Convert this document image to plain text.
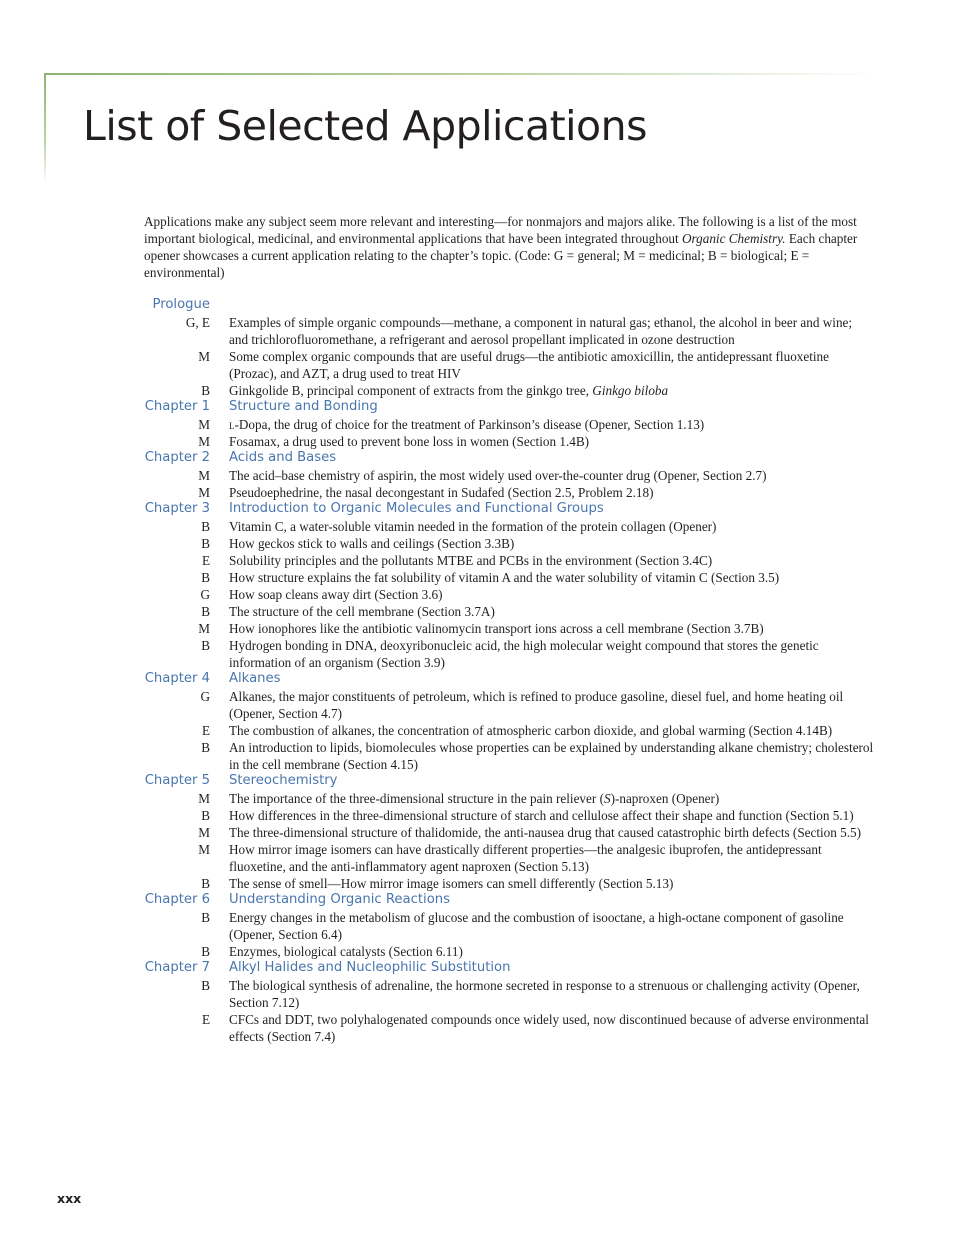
List of Selected Applications

Applications make any subject seem more relevant and interesting—for nonmajors and majors alike. The following is a list of the most important biological, medicinal, and environmental applications that have been integrated throughout Organic Chemistry. Each chapter opener showcases a current application relating to the chapter’s topic. (Code: G = general; M = medicinal; B = biological; E = environmental)

Prologue
G, E Examples of simple organic compounds—methane, a component in natural gas; ethanol, the alcohol in beer and wine; and trichlorofluoromethane, a refrigerant and aerosol propellant implicated in ozone destruction

M Some complex organic compounds that are useful drugs—the antibiotic amoxicillin, the antidepressant fluoxetine (Prozac), and AZT, a drug used to treat HIV

B Ginkgolide B, principal component of extracts from the ginkgo tree, Ginkgo biloba

Chapter 1 Structure and Bonding
M l-Dopa, the drug of choice for the treatment of Parkinson’s disease (Opener, Section 1.13)

M Fosamax, a drug used to prevent bone loss in women (Section 1.4B)

Chapter 2 Acids and Bases
M The acid–base chemistry of aspirin, the most widely used over-the-counter drug (Opener, Section 2.7)

M Pseudoephedrine, the nasal decongestant in Sudafed (Section 2.5, Problem 2.18)

Chapter 3 Introduction to Organic Molecules and Functional Groups
B Vitamin C, a water-soluble vitamin needed in the formation of the protein collagen (Opener)

B How geckos stick to walls and ceilings (Section 3.3B)

E Solubility principles and the pollutants MTBE and PCBs in the environment (Section 3.4C)

B How structure explains the fat solubility of vitamin A and the water solubility of vitamin C (Section 3.5)

G How soap cleans away dirt (Section 3.6)

B The structure of the cell membrane (Section 3.7A)

M How ionophores like the antibiotic valinomycin transport ions across a cell membrane (Section 3.7B)

B Hydrogen bonding in DNA, deoxyribonucleic acid, the high molecular weight compound that stores the genetic information of an organism (Section 3.9)

Chapter 4 Alkanes
G Alkanes, the major constituents of petroleum, which is refined to produce gasoline, diesel fuel, and home heating oil (Opener, Section 4.7)

E The combustion of alkanes, the concentration of atmospheric carbon dioxide, and global warming (Section 4.14B)

B An introduction to lipids, biomolecules whose properties can be explained by understanding alkane chemistry; cholesterol in the cell membrane (Section 4.15)

Chapter 5 Stereochemistry
M The importance of the three-dimensional structure in the pain reliever (S)-naproxen (Opener)

B How differences in the three-dimensional structure of starch and cellulose affect their shape and function (Section 5.1)

M The three-dimensional structure of thalidomide, the anti-nausea drug that caused catastrophic birth defects (Section 5.5)

M How mirror image isomers can have drastically different properties—the analgesic ibuprofen, the antidepressant fluoxetine, and the anti-inflammatory agent naproxen (Section 5.13)

B The sense of smell—How mirror image isomers can smell differently (Section 5.13)

Chapter 6 Understanding Organic Reactions
B Energy changes in the metabolism of glucose and the combustion of isooctane, a high-octane component of gasoline (Opener, Section 6.4)

B Enzymes, biological catalysts (Section 6.11)

Chapter 7 Alkyl Halides and Nucleophilic Substitution
B The biological synthesis of adrenaline, the hormone secreted in response to a strenuous or challenging activity (Opener, Section 7.12)

E CFCs and DDT, two polyhalogenated compounds once widely used, now discontinued because of adverse environmental effects (Section 7.4)

xxx
